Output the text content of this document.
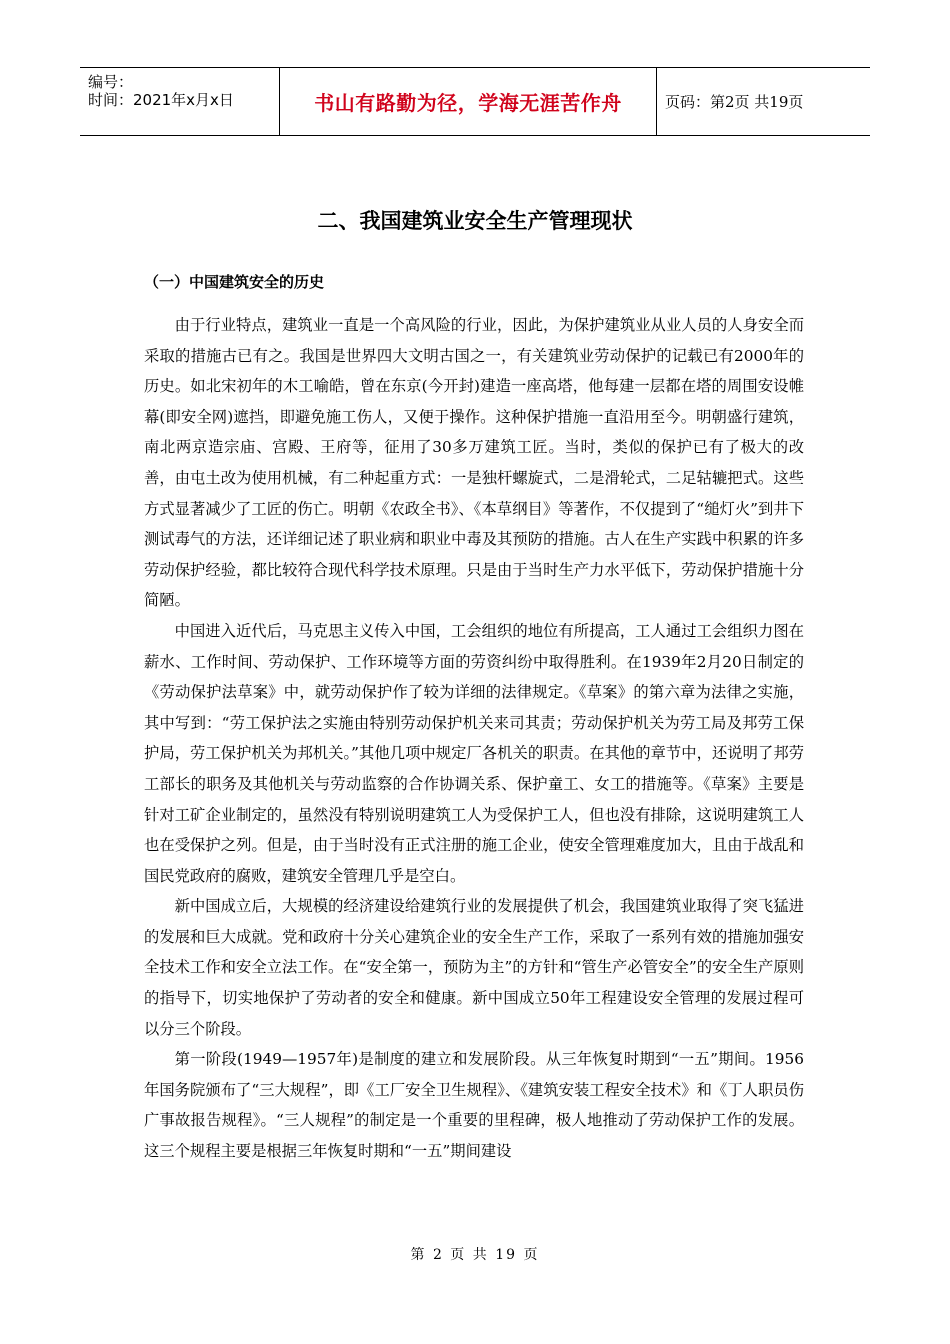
编号：
时间：2021年x月x日	书山有路勤为径，学海无涯苦作舟	页码：第2页 共19页
二、我国建筑业安全生产管理现状
（一）中国建筑安全的历史

由于行业特点，建筑业一直是一个高风险的行业，因此，为保护建筑业从业人员的人身安全而采取的措施古已有之。我国是世界四大文明古国之一，有关建筑业劳动保护的记载已有2000年的历史。如北宋初年的木工喻皓，曾在东京(今开封)建造一座高塔，他每建一层都在塔的周围安设帷幕(即安全网)遮挡，即避免施工伤人，又便于操作。这种保护措施一直沿用至今。明朝盛行建筑，南北两京造宗庙、宫殿、王府等，征用了30多万建筑工匠。当时，类似的保护已有了极大的改善，由屯土改为使用机械，有二种起重方式：一是独杆螺旋式，二是滑轮式，二足轱辘把式。这些方式显著减少了工匠的伤亡。明朝《农政全书》、《本草纲目》等著作，不仅提到了“缒灯火”到井下测试毒气的方法，还详细记述了职业病和职业中毒及其预防的措施。古人在生产实践中积累的许多劳动保护经验，都比较符合现代科学技术原理。只是由于当时生产力水平低下，劳动保护措施十分简陋。

中国进入近代后，马克思主义传入中国，工会组织的地位有所提高，工人通过工会组织力图在薪水、工作时间、劳动保护、工作环境等方面的劳资纠纷中取得胜利。在1939年2月20日制定的《劳动保护法草案》中，就劳动保护作了较为详细的法律规定。《草案》的第六章为法律之实施，其中写到：“劳工保护法之实施由特别劳动保护机关来司其责；劳动保护机关为劳工局及邦劳工保护局，劳工保护机关为邦机关。”其他几项中规定厂各机关的职责。在其他的章节中，还说明了邦劳工部长的职务及其他机关与劳动监察的合作协调关系、保护童工、女工的措施等。《草案》主要是针对工矿企业制定的，虽然没有特别说明建筑工人为受保护工人，但也没有排除，这说明建筑工人也在受保护之列。但是，由于当时没有正式注册的施工企业，使安全管理难度加大，且由于战乱和国民党政府的腐败，建筑安全管理几乎是空白。

新中国成立后，大规模的经济建设给建筑行业的发展提供了机会，我国建筑业取得了突飞猛进的发展和巨大成就。党和政府十分关心建筑企业的安全生产工作，采取了一系列有效的措施加强安全技术工作和安全立法工作。在“安全第一，预防为主”的方针和“管生产必管安全”的安全生产原则的指导下，切实地保护了劳动者的安全和健康。新中国成立50年工程建设安全管理的发展过程可以分三个阶段。

第一阶段(1949—1957年)是制度的建立和发展阶段。从三年恢复时期到“一五”期间。1956年国务院颁布了“三大规程”，即《工厂安全卫生规程》、《建筑安装工程安全技术》和《丁人职员伤广事故报告规程》。“三人规程”的制定是一个重要的里程碑，极人地推动了劳动保护工作的发展。这三个规程主要是根据三年恢复时期和“一五”期间建设

第 2 页 共 19 页
